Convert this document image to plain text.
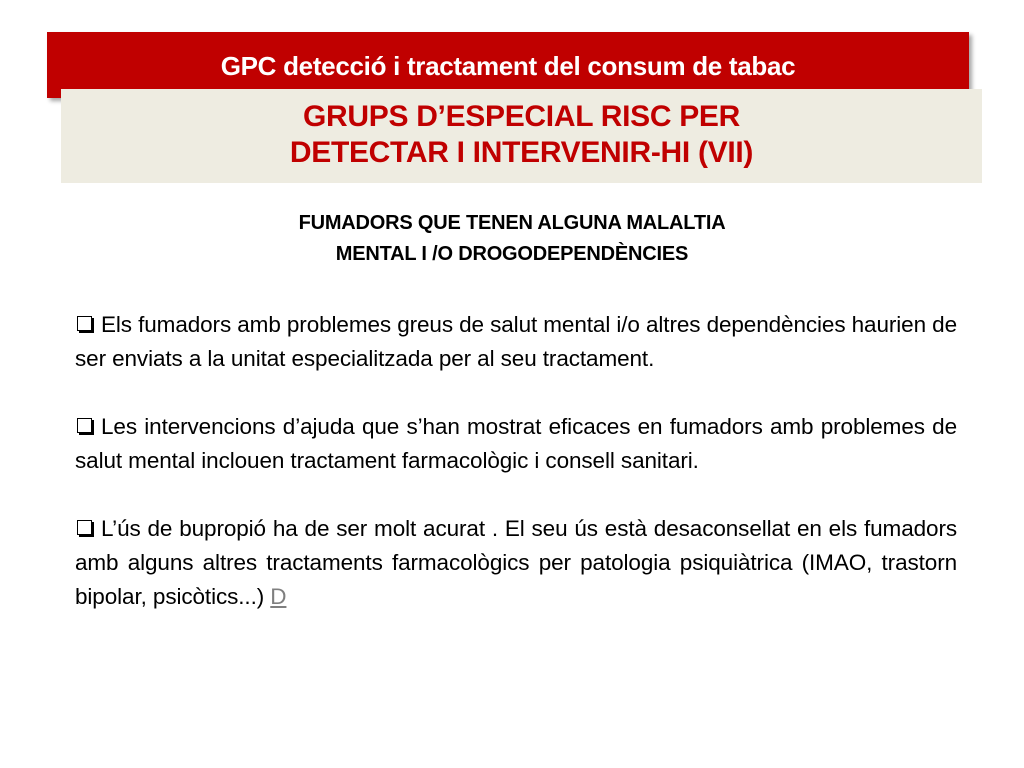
GPC detecció i tractament del consum de tabac
GRUPS D’ESPECIAL RISC PER
DETECTAR I INTERVENIR-HI (VII)
FUMADORS QUE TENEN ALGUNA MALALTIA
MENTAL I /O DROGODEPENDÈNCIES

Els fumadors amb problemes greus de salut mental i/o altres dependències haurien de ser enviats a la unitat especialitzada per al seu tractament.

Les intervencions d’ajuda que s’han mostrat eficaces en fumadors amb problemes de salut mental inclouen tractament farmacològic i consell sanitari.

L’ús de bupropió ha de ser molt acurat . El seu ús està desaconsellat en els fumadors amb alguns altres tractaments farmacològics per patologia psiquiàtrica (IMAO, trastorn bipolar, psicòtics...) D
